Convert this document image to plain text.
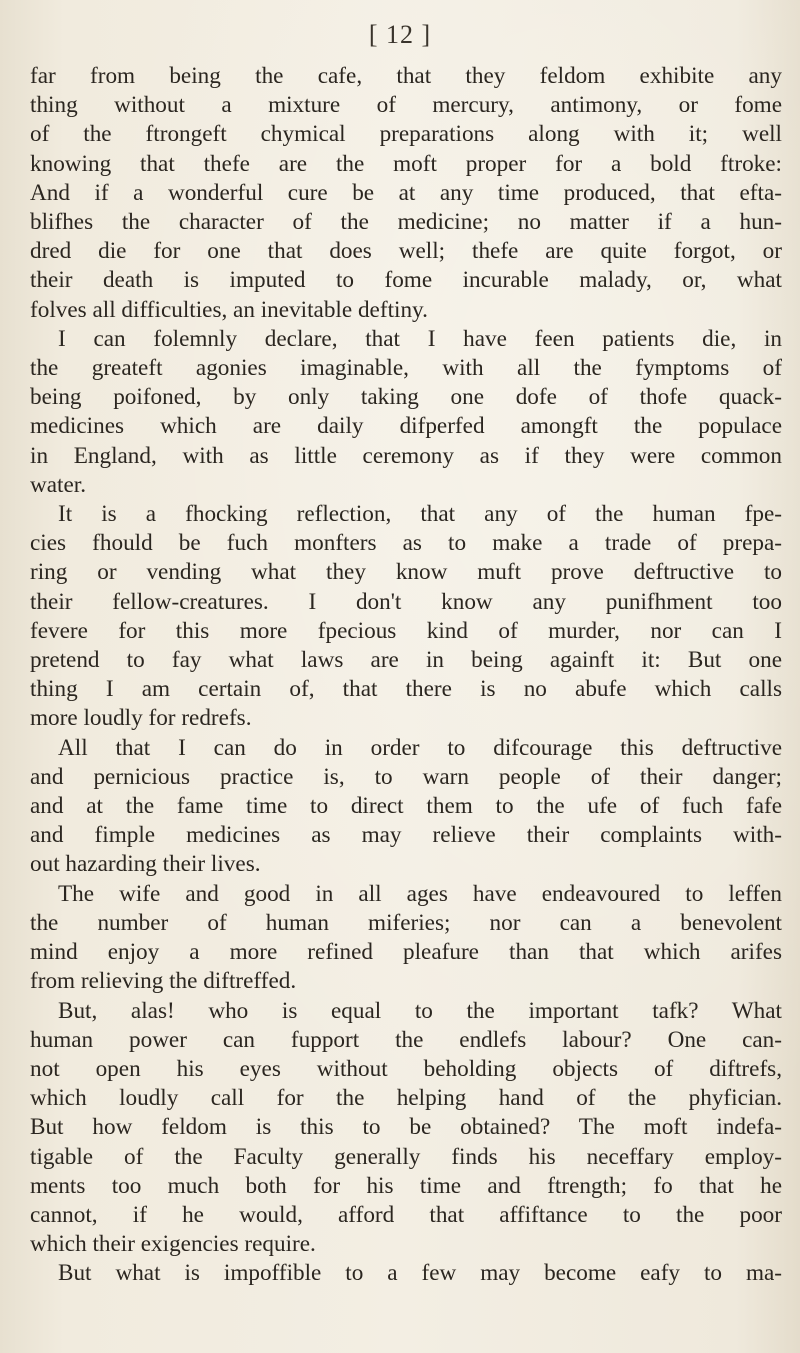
[ 12 ]

far from being the cafe, that they feldom exhibite any

thing without a mixture of mercury, antimony, or fome

of the ftrongeft chymical preparations along with it; well

knowing that thefe are the moft proper for a bold ftroke:

And if a wonderful cure be at any time produced, that efta-

blifhes the character of the medicine; no matter if a hun-

dred die for one that does well; thefe are quite forgot, or

their death is imputed to fome incurable malady, or, what

folves all difficulties, an inevitable deftiny.

I can folemnly declare, that I have feen patients die, in

the greateft agonies imaginable, with all the fymptoms of

being poifoned, by only taking one dofe of thofe quack-

medicines which are daily difperfed amongft the populace

in England, with as little ceremony as if they were common

water.

It is a fhocking reflection, that any of the human fpe-

cies fhould be fuch monfters as to make a trade of prepa-

ring or vending what they know muft prove deftructive to

their fellow-creatures. I don't know any punifhment too

fevere for this more fpecious kind of murder, nor can I

pretend to fay what laws are in being againft it: But one

thing I am certain of, that there is no abufe which calls

more loudly for redrefs.

All that I can do in order to difcourage this deftructive

and pernicious practice is, to warn people of their danger;

and at the fame time to direct them to the ufe of fuch fafe

and fimple medicines as may relieve their complaints with-

out hazarding their lives.

The wife and good in all ages have endeavoured to leffen

the number of human miferies; nor can a benevolent

mind enjoy a more refined pleafure than that which arifes

from relieving the diftreffed.

But, alas! who is equal to the important tafk? What

human power can fupport the endlefs labour? One can-

not open his eyes without beholding objects of diftrefs,

which loudly call for the helping hand of the phyfician.

But how feldom is this to be obtained? The moft indefa-

tigable of the Faculty generally finds his neceffary employ-

ments too much both for his time and ftrength; fo that he

cannot, if he would, afford that affiftance to the poor

which their exigencies require.

But what is impoffible to a few may become eafy to ma-
